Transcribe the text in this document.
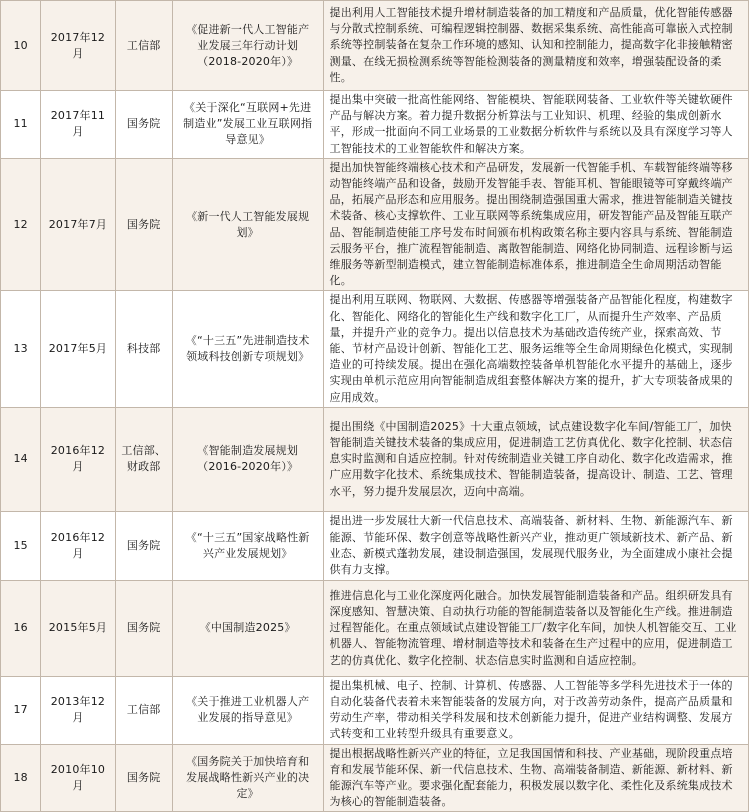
10	2017年12月	工信部	《促进新一代人工智能产业发展三年行动计划（2018-2020年）》	提出利用人工智能技术提升增材制造装备的加工精度和产品质量，优化智能传感器与分散式控制系统、可编程逻辑控制器、数据采集系统、高性能高可靠嵌入式控制系统等控制装备在复杂工作环境的感知、认知和控制能力，提高数字化非接触精密测量、在线无损检测系统等智能检测装备的测量精度和效率，增强装配设备的柔性。
11	2017年11月	国务院	《关于深化“互联网+先进制造业”发展工业互联网指导意见》	提出集中突破一批高性能网络、智能模块、智能联网装备、工业软件等关键软硬件产品与解决方案。着力提升数据分析算法与工业知识、机理、经验的集成创新水平，形成一批面向不同工业场景的工业数据分析软件与系统以及具有深度学习等人工智能技术的工业智能软件和解决方案。
12	2017年7月	国务院	《新一代人工智能发展规划》	提出加快智能终端核心技术和产品研发，发展新一代智能手机、车载智能终端等移动智能终端产品和设备，鼓励开发智能手表、智能耳机、智能眼镜等可穿戴终端产品，拓展产品形态和应用服务。提出围绕制造强国重大需求，推进智能制造关键技术装备、核心支撑软件、工业互联网等系统集成应用，研发智能产品及智能互联产品、智能制造使能工序号发布时间颁布机构政策名称主要内容具与系统、智能制造云服务平台，推广流程智能制造、离散智能制造、网络化协同制造、远程诊断与运维服务等新型制造模式，建立智能制造标准体系，推进制造全生命周期活动智能化。
13	2017年5月	科技部	《“十三五”先进制造技术领域科技创新专项规划》	提出利用互联网、物联网、大数据、传感器等增强装备产品智能化程度，构建数字化、智能化、网络化的智能化生产线和数字化工厂，从而提升生产效率、产品质量，并提升产业的竞争力。提出以信息技术为基础改造传统产业，探索高效、节能、节材产品设计创新、智能化工艺、服务运维等全生命周期绿色化模式，实现制造业的可持续发展。提出在强化高端数控装备单机智能化水平提升的基础上，逐步实现由单机示范应用向智能制造成组套整体解决方案的提升，扩大专项装备成果的应用成效。
14	2016年12月	工信部、财政部	《智能制造发展规划（2016-2020年）》	提出围绕《中国制造2025》十大重点领域，试点建设数字化车间/智能工厂，加快智能制造关键技术装备的集成应用，促进制造工艺仿真优化、数字化控制、状态信息实时监测和自适应控制。针对传统制造业关键工序自动化、数字化改造需求，推广应用数字化技术、系统集成技术、智能制造装备，提高设计、制造、工艺、管理水平，努力提升发展层次，迈向中高端。
15	2016年12月	国务院	《“十三五”国家战略性新兴产业发展规划》	提出进一步发展壮大新一代信息技术、高端装备、新材料、生物、新能源汽车、新能源、节能环保、数字创意等战略性新兴产业，推动更广领域新技术、新产品、新业态、新模式蓬勃发展，建设制造强国，发展现代服务业，为全面建成小康社会提供有力支撑。
16	2015年5月	国务院	《中国制造2025》	推进信息化与工业化深度两化融合。加快发展智能制造装备和产品。组织研发具有深度感知、智慧决策、自动执行功能的智能制造装备以及智能化生产线。推进制造过程智能化。在重点领域试点建设智能工厂/数字化车间，加快人机智能交互、工业机器人、智能物流管理、增材制造等技术和装备在生产过程中的应用，促进制造工艺的仿真优化、数字化控制、状态信息实时监测和自适应控制。
17	2013年12月	工信部	《关于推进工业机器人产业发展的指导意见》	提出集机械、电子、控制、计算机、传感器、人工智能等多学科先进技术于一体的自动化装备代表着未来智能装备的发展方向，对于改善劳动条件，提高产品质量和劳动生产率，带动相关学科发展和技术创新能力提升，促进产业结构调整、发展方式转变和工业转型升级具有重要意义。
18	2010年10月	国务院	《国务院关于加快培育和发展战略性新兴产业的决定》	提出根据战略性新兴产业的特征，立足我国国情和科技、产业基础，现阶段重点培育和发展节能环保、新一代信息技术、生物、高端装备制造、新能源、新材料、新能源汽车等产业。要求强化配套能力，积极发展以数字化、柔性化及系统集成技术为核心的智能制造装备。
